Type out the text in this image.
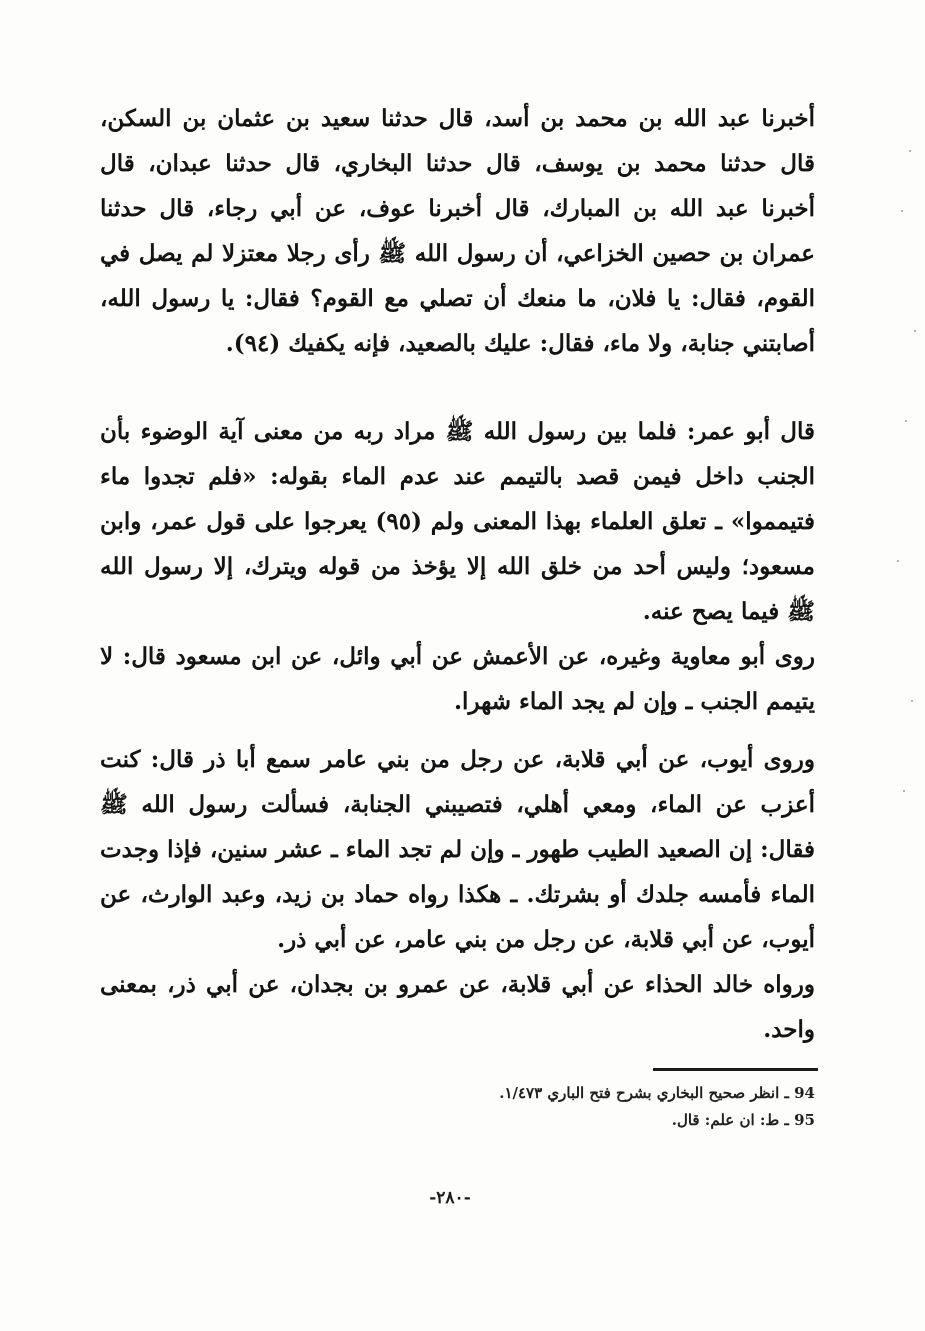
أخبرنا عبد الله بن محمد بن أسد، قال حدثنا سعيد بن عثمان بن السكن، قال حدثنا محمد بن يوسف، قال حدثنا البخاري، قال حدثنا عبدان، قال أخبرنا عبد الله بن المبارك، قال أخبرنا عوف، عن أبي رجاء، قال حدثنا عمران بن حصين الخزاعي، أن رسول الله ﷺ رأى رجلا معتزلا لم يصل في القوم، فقال: يا فلان، ما منعك أن تصلي مع القوم؟ فقال: يا رسول الله، أصابتني جنابة، ولا ماء، فقال: عليك بالصعيد، فإنه يكفيك (٩٤).
قال أبو عمر: فلما بين رسول الله ﷺ مراد ربه من معنى آية الوضوء بأن الجنب داخل فيمن قصد بالتيمم عند عدم الماء بقوله: «فلم تجدوا ماء فتيمموا» ـ تعلق العلماء بهذا المعنى ولم (٩٥) يعرجوا على قول عمر، وابن مسعود؛ وليس أحد من خلق الله إلا يؤخذ من قوله ويترك، إلا رسول الله ﷺ فيما يصح عنه.
روى أبو معاوية وغيره، عن الأعمش عن أبي وائل، عن ابن مسعود قال: لا يتيمم الجنب ـ وإن لم يجد الماء شهرا.
وروى أيوب، عن أبي قلابة، عن رجل من بني عامر سمع أبا ذر قال: كنت أعزب عن الماء، ومعي أهلي، فتصيبني الجنابة، فسألت رسول الله ﷺ فقال: إن الصعيد الطيب طهور ـ وإن لم تجد الماء ـ عشر سنين، فإذا وجدت الماء فأمسه جلدك أو بشرتك. ـ هكذا رواه حماد بن زيد، وعبد الوارث، عن أيوب، عن أبي قلابة، عن رجل من بني عامر، عن أبي ذر.
ورواه خالد الحذاء عن أبي قلابة، عن عمرو بن بجدان، عن أبي ذر، بمعنى واحد.
94 ـ انظر صحيح البخاري بشرح فتح الباري ١/٤٧٣.
95 ـ ط: ان علم: قال.
-٢٨٠-
